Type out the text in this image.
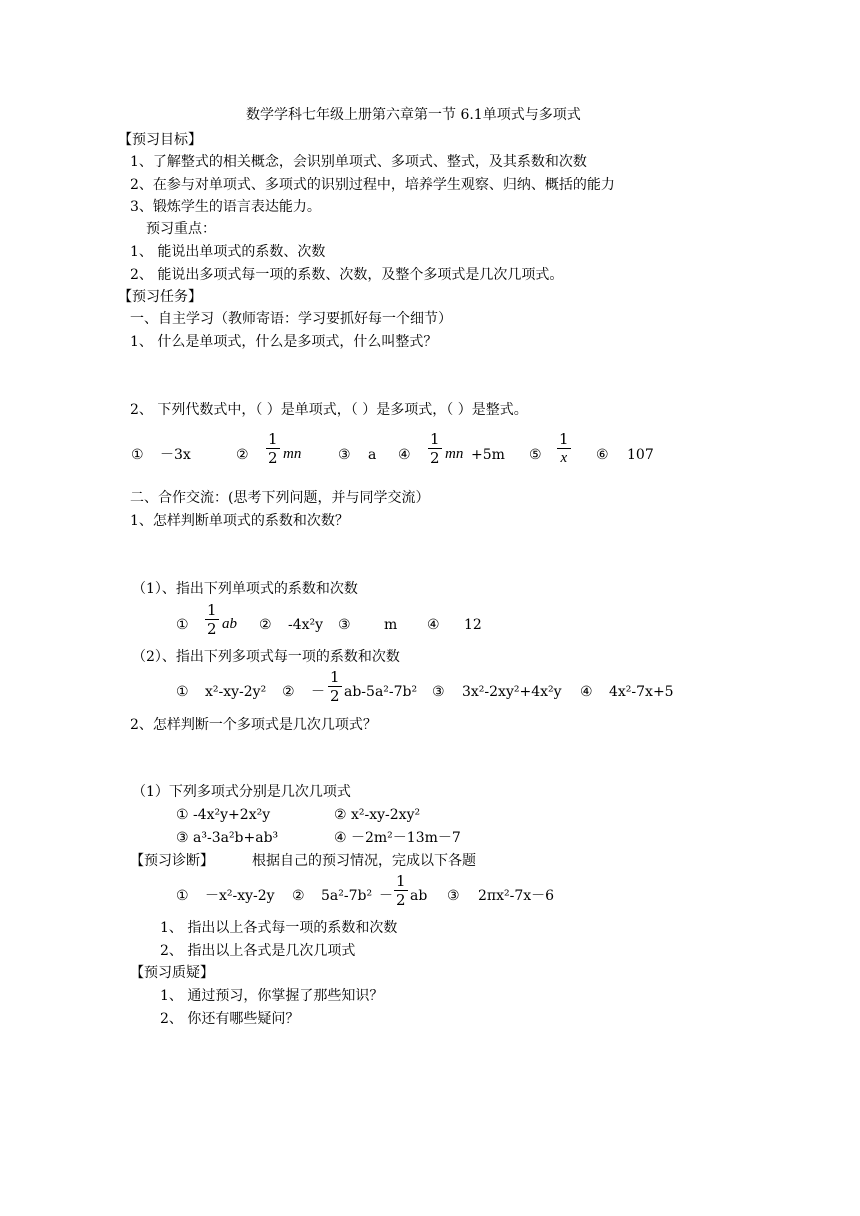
数学学科七年级上册第六章第一节 6.1单项式与多项式
【预习目标】
1、了解整式的相关概念，会识别单项式、多项式、整式，及其系数和次数
2、在参与对单项式、多项式的识别过程中，培养学生观察、归纳、概括的能力
3、锻炼学生的语言表达能力。
预习重点：
1、 能说出单项式的系数、次数
2、 能说出多项式每一项的系数、次数，及整个多项式是几次几项式。
【预习任务】
一、自主学习（教师寄语：学习要抓好每一个细节）
1、 什么是单项式，什么是多项式，什么叫整式？
2、 下列代数式中，（ ）是单项式，（ ）是多项式，（ ）是整式。
① －3x	②
1
2 mn	③ a ④
1
2 mn +5m ⑤
1
x ⑥ 107
二、合作交流：(思考下列问题，并与同学交流）
1、怎样判断单项式的系数和次数？
（1）、指出下列单项式的系数和次数
①
1
2 ab ② -4x²y ③ m ④ 12
（2）、指出下列多项式每一项的系数和次数
① x²-xy-2y² ② －
1
2 ab-5a²-7b² ③ 3x²-2xy²+4x²y ④ 4x²-7x+5
2、怎样判断一个多项式是几次几项式？
（1）下列多项式分别是几次几项式
① -4x²y+2x²y	② x²-xy-2xy²
③ a³-3a²b+ab³	④ －2m²－13m－7
【预习诊断】	根据自己的预习情况，完成以下各题
① －x²-xy-2y ② 5a²-7b² －
1
2 ab ③ 2πx²-7x－6
1、 指出以上各式每一项的系数和次数
2、 指出以上各式是几次几项式
【预习质疑】
1、 通过预习，你掌握了那些知识？
2、 你还有哪些疑问？
